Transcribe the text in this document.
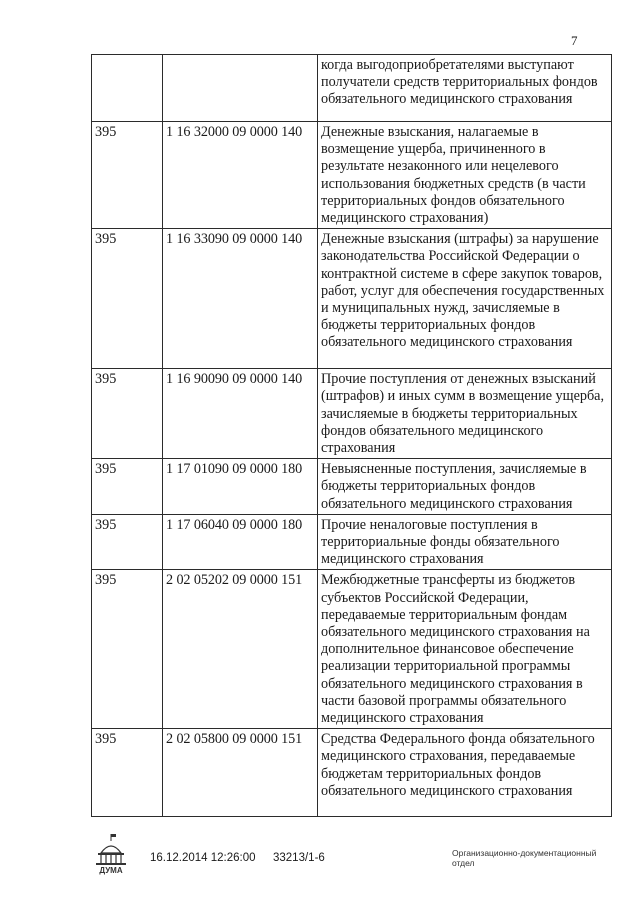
7
		когда выгодоприобретателями выступают получатели средств территориальных фондов обязательного медицинского страхования
395	1 16 32000 09 0000 140	Денежные взыскания, налагаемые в возмещение ущерба, причиненного в результате незаконного или нецелевого использования бюджетных средств (в части территориальных фондов обязательного медицинского страхования)
395	1 16 33090 09 0000 140	Денежные взыскания (штрафы) за нарушение законодательства Российской Федерации о контрактной системе в сфере закупок товаров, работ, услуг для обеспечения государственных и муниципальных нужд, зачисляемые в бюджеты территориальных фондов обязательного медицинского страхования
395	1 16 90090 09 0000 140	Прочие поступления от денежных взысканий (штрафов) и иных сумм в возмещение ущерба, зачисляемые в бюджеты территориальных фондов обязательного медицинского страхования
395	1 17 01090 09 0000 180	Невыясненные поступления, зачисляемые в бюджеты территориальных фондов обязательного медицинского страхования
395	1 17 06040 09 0000 180	Прочие неналоговые поступления в территориальные фонды обязательного медицинского страхования
395	2 02 05202 09 0000 151	Межбюджетные трансферты из бюджетов субъектов Российской Федерации, передаваемые территориальным фондам обязательного медицинского страхования на дополнительное финансовое обеспечение реализации территориальной программы обязательного медицинского страхования в части базовой программы обязательного медицинского страхования
395	2 02 05800 09 0000 151	Средства Федерального фонда обязательного медицинского страхования, передаваемые бюджетам территориальных фондов обязательного медицинского страхования
ДУМА
16.12.2014 12:26:00 33213/1-6	Организационно-документационный отдел
